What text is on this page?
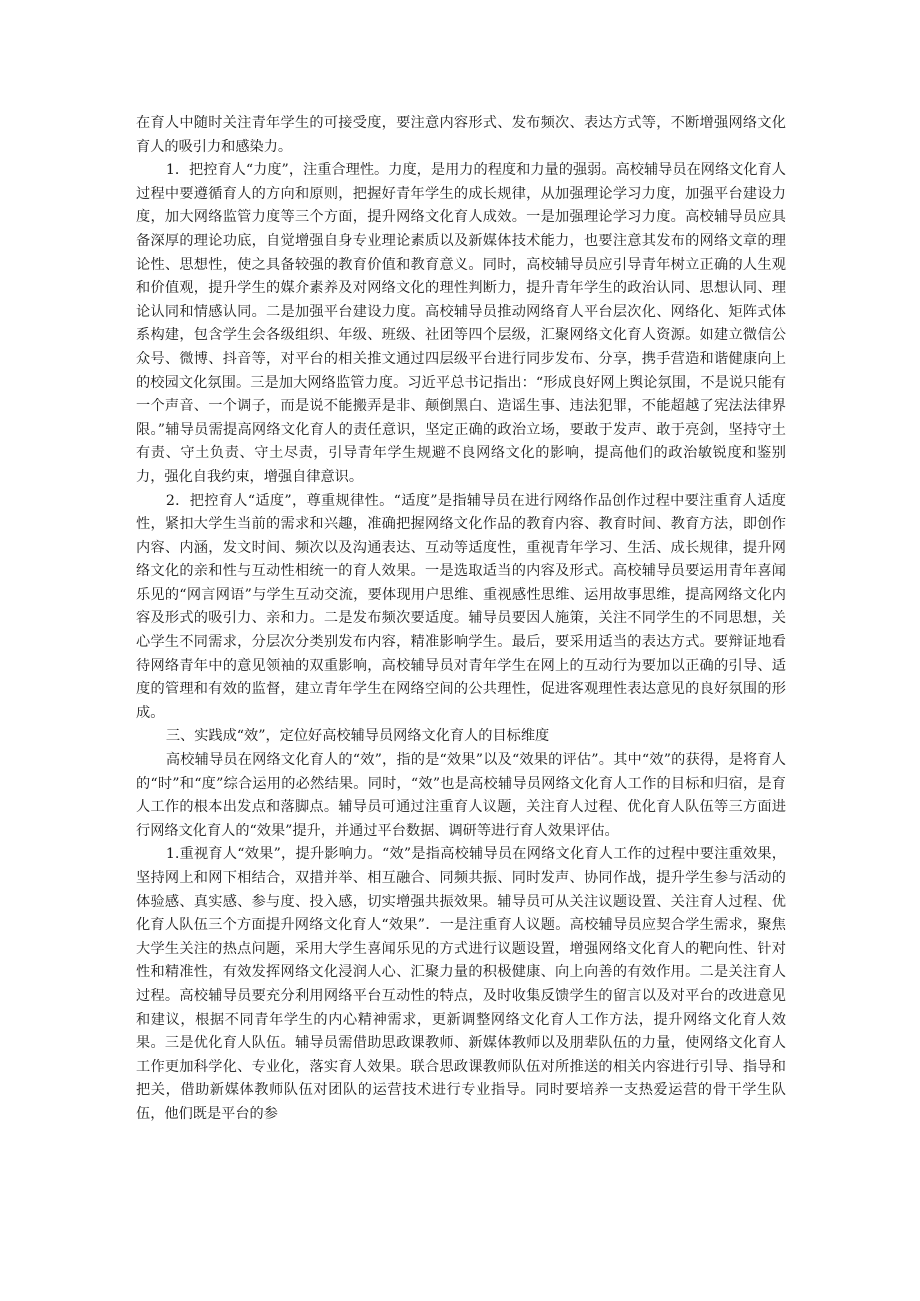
在育人中随时关注青年学生的可接受度，要注意内容形式、发布频次、表达方式等，不断增强网络文化育人的吸引力和感染力。

1．把控育人“力度”，注重合理性。力度，是用力的程度和力量的强弱。高校辅导员在网络文化育人过程中要遵循育人的方向和原则，把握好青年学生的成长规律，从加强理论学习力度，加强平台建设力度，加大网络监管力度等三个方面，提升网络文化育人成效。一是加强理论学习力度。高校辅导员应具备深厚的理论功底，自觉增强自身专业理论素质以及新媒体技术能力，也要注意其发布的网络文章的理论性、思想性，使之具备较强的教育价值和教育意义。同时，高校辅导员应引导青年树立正确的人生观和价值观，提升学生的媒介素养及对网络文化的理性判断力，提升青年学生的政治认同、思想认同、理论认同和情感认同。二是加强平台建设力度。高校辅导员推动网络育人平台层次化、网络化、矩阵式体系构建，包含学生会各级组织、年级、班级、社团等四个层级，汇聚网络文化育人资源。如建立微信公众号、微博、抖音等，对平台的相关推文通过四层级平台进行同步发布、分享，携手营造和谐健康向上的校园文化氛围。三是加大网络监管力度。习近平总书记指出：“形成良好网上舆论氛围，不是说只能有一个声音、一个调子，而是说不能搬弄是非、颠倒黑白、造谣生事、违法犯罪，不能超越了宪法法律界限。”辅导员需提高网络文化育人的责任意识，坚定正确的政治立场，要敢于发声、敢于亮剑，坚持守土有责、守土负责、守土尽责，引导青年学生规避不良网络文化的影响，提高他们的政治敏锐度和鉴别力，强化自我约束，增强自律意识。

2．把控育人“适度”，尊重规律性。“适度”是指辅导员在进行网络作品创作过程中要注重育人适度性，紧扣大学生当前的需求和兴趣，准确把握网络文化作品的教育内容、教育时间、教育方法，即创作内容、内涵，发文时间、频次以及沟通表达、互动等适度性，重视青年学习、生活、成长规律，提升网络文化的亲和性与互动性相统一的育人效果。一是选取适当的内容及形式。高校辅导员要运用青年喜闻乐见的“网言网语”与学生互动交流，要体现用户思维、重视感性思维、运用故事思维，提高网络文化内容及形式的吸引力、亲和力。二是发布频次要适度。辅导员要因人施策，关注不同学生的不同思想，关心学生不同需求，分层次分类别发布内容，精准影响学生。最后，要采用适当的表达方式。要辩证地看待网络青年中的意见领袖的双重影响，高校辅导员对青年学生在网上的互动行为要加以正确的引导、适度的管理和有效的监督，建立青年学生在网络空间的公共理性，促进客观理性表达意见的良好氛围的形成。

三、实践成“效”，定位好高校辅导员网络文化育人的目标维度

高校辅导员在网络文化育人的“效”，指的是“效果”以及“效果的评估”。其中“效”的获得，是将育人的“时”和“度”综合运用的必然结果。同时，“效”也是高校辅导员网络文化育人工作的目标和归宿，是育人工作的根本出发点和落脚点。辅导员可通过注重育人议题，关注育人过程、优化育人队伍等三方面进行网络文化育人的“效果”提升，并通过平台数据、调研等进行育人效果评估。

1.重视育人“效果”，提升影响力。“效”是指高校辅导员在网络文化育人工作的过程中要注重效果，坚持网上和网下相结合，双措并举、相互融合、同频共振、同时发声、协同作战，提升学生参与活动的体验感、真实感、参与度、投入感，切实增强共振效果。辅导员可从关注议题设置、关注育人过程、优化育人队伍三个方面提升网络文化育人“效果”．一是注重育人议题。高校辅导员应契合学生需求，聚焦大学生关注的热点问题，采用大学生喜闻乐见的方式进行议题设置，增强网络文化育人的靶向性、针对性和精准性，有效发挥网络文化浸润人心、汇聚力量的积极健康、向上向善的有效作用。二是关注育人过程。高校辅导员要充分利用网络平台互动性的特点，及时收集反馈学生的留言以及对平台的改进意见和建议，根据不同青年学生的内心精神需求，更新调整网络文化育人工作方法，提升网络文化育人效果。三是优化育人队伍。辅导员需借助思政课教师、新媒体教师以及朋辈队伍的力量，使网络文化育人工作更加科学化、专业化，落实育人效果。联合思政课教师队伍对所推送的相关内容进行引导、指导和把关，借助新媒体教师队伍对团队的运营技术进行专业指导。同时要培养一支热爱运营的骨干学生队伍，他们既是平台的参
